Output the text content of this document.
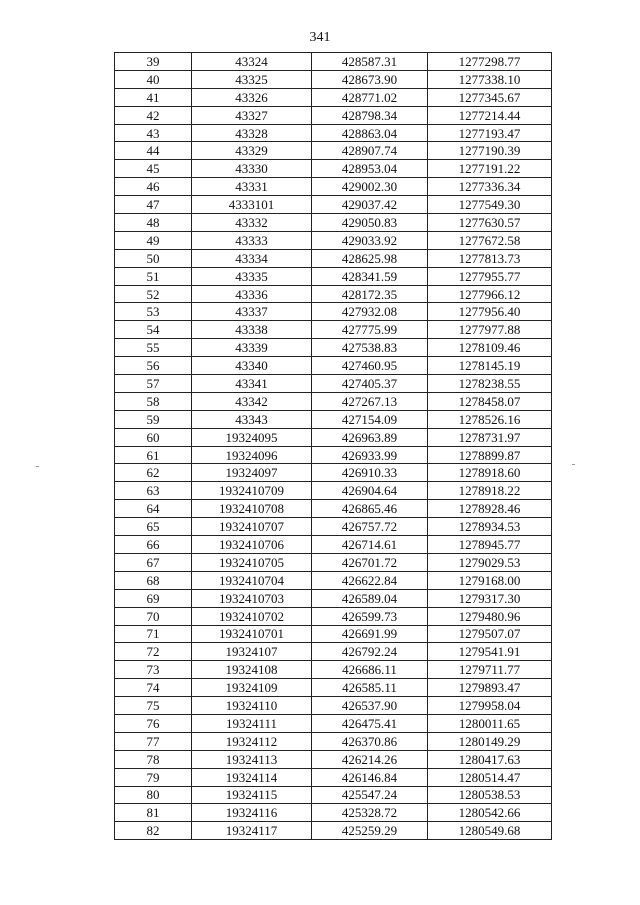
341
39	43324	428587.31	1277298.77
40	43325	428673.90	1277338.10
41	43326	428771.02	1277345.67
42	43327	428798.34	1277214.44
43	43328	428863.04	1277193.47
44	43329	428907.74	1277190.39
45	43330	428953.04	1277191.22
46	43331	429002.30	1277336.34
47	4333101	429037.42	1277549.30
48	43332	429050.83	1277630.57
49	43333	429033.92	1277672.58
50	43334	428625.98	1277813.73
51	43335	428341.59	1277955.77
52	43336	428172.35	1277966.12
53	43337	427932.08	1277956.40
54	43338	427775.99	1277977.88
55	43339	427538.83	1278109.46
56	43340	427460.95	1278145.19
57	43341	427405.37	1278238.55
58	43342	427267.13	1278458.07
59	43343	427154.09	1278526.16
60	19324095	426963.89	1278731.97
61	19324096	426933.99	1278899.87
62	19324097	426910.33	1278918.60
63	1932410709	426904.64	1278918.22
64	1932410708	426865.46	1278928.46
65	1932410707	426757.72	1278934.53
66	1932410706	426714.61	1278945.77
67	1932410705	426701.72	1279029.53
68	1932410704	426622.84	1279168.00
69	1932410703	426589.04	1279317.30
70	1932410702	426599.73	1279480.96
71	1932410701	426691.99	1279507.07
72	19324107	426792.24	1279541.91
73	19324108	426686.11	1279711.77
74	19324109	426585.11	1279893.47
75	19324110	426537.90	1279958.04
76	19324111	426475.41	1280011.65
77	19324112	426370.86	1280149.29
78	19324113	426214.26	1280417.63
79	19324114	426146.84	1280514.47
80	19324115	425547.24	1280538.53
81	19324116	425328.72	1280542.66
82	19324117	425259.29	1280549.68
